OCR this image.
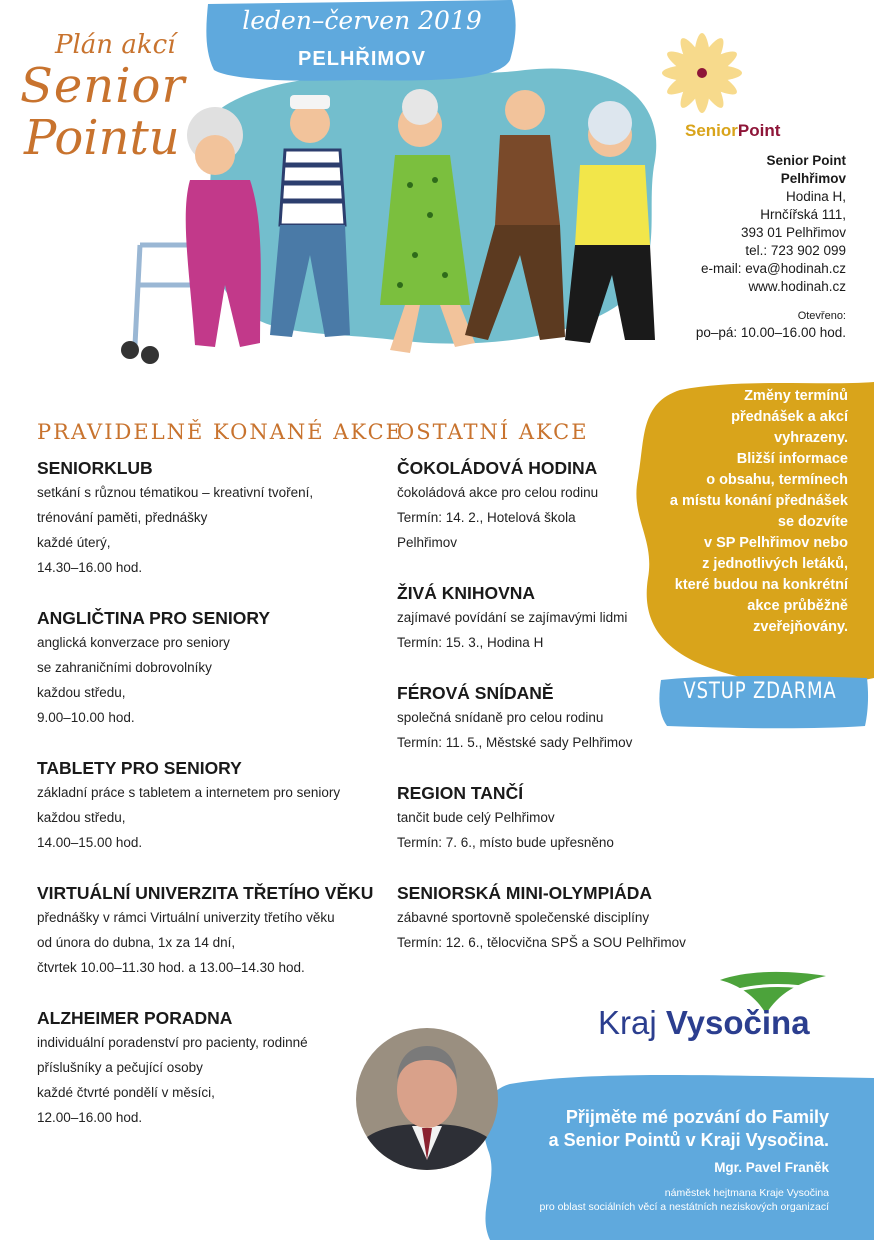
leden–červen 2019
PELHŘIMOV
Plán akcí
Senior
Pointu	SeniorPoint
Senior Point
Pelhřimov
Hodina H,
Hrnčířská 111,
393 01 Pelhřimov
tel.: 723 902 099
e-mail: eva@hodinah.cz
www.hodinah.cz
Otevřeno:
po–pá: 10.00–16.00 hod.
PRAVIDELNĚ KONANÉ AKCE
OSTATNÍ AKCE
SENIORKLUB
setkání s různou tématikou – kreativní tvoření,
trénování paměti, přednášky
každé úterý,
14.30–16.00 hod.
ANGLIČTINA PRO SENIORY
anglická konverzace pro seniory
se zahraničními dobrovolníky
každou středu,
9.00–10.00 hod.
TABLETY PRO SENIORY
základní práce s tabletem a internetem pro seniory
každou středu,
14.00–15.00 hod.
VIRTUÁLNÍ UNIVERZITA TŘETÍHO VĚKU
přednášky v rámci Virtuální univerzity třetího věku
od února do dubna, 1x za 14 dní,
čtvrtek 10.00–11.30 hod. a 13.00–14.30 hod.
ALZHEIMER PORADNA
individuální poradenství pro pacienty, rodinné
příslušníky a pečující osoby
každé čtvrté pondělí v měsíci,
12.00–16.00 hod.
ČOKOLÁDOVÁ HODINA
čokoládová akce pro celou rodinu
Termín: 14. 2., Hotelová škola
Pelhřimov
ŽIVÁ KNIHOVNA
zajímavé povídání se zajímavými lidmi
Termín: 15. 3., Hodina H
FÉROVÁ SNÍDANĚ
společná snídaně pro celou rodinu
Termín: 11. 5., Městské sady Pelhřimov
REGION TANČÍ
tančit bude celý Pelhřimov
Termín: 7. 6., místo bude upřesněno
SENIORSKÁ MINI-OLYMPIÁDA
zábavné sportovně společenské disciplíny
Termín: 12. 6., tělocvična SPŠ a SOU Pelhřimov
Změny termínů
přednášek a akcí
vyhrazeny.
Bližší informace
o obsahu, termínech
a místu konání přednášek
se dozvíte
v SP Pelhřimov nebo
z jednotlivých letáků,
které budou na konkrétní
akce průběžně
zveřejňovány.
VSTUP ZDARMA
Kraj Vysočina
Přijměte mé pozvání do Family
a Senior Pointů v Kraji Vysočina.
Mgr. Pavel Franěk
náměstek hejtmana Kraje Vysočina
pro oblast sociálních věcí a nestátních neziskových organizací
